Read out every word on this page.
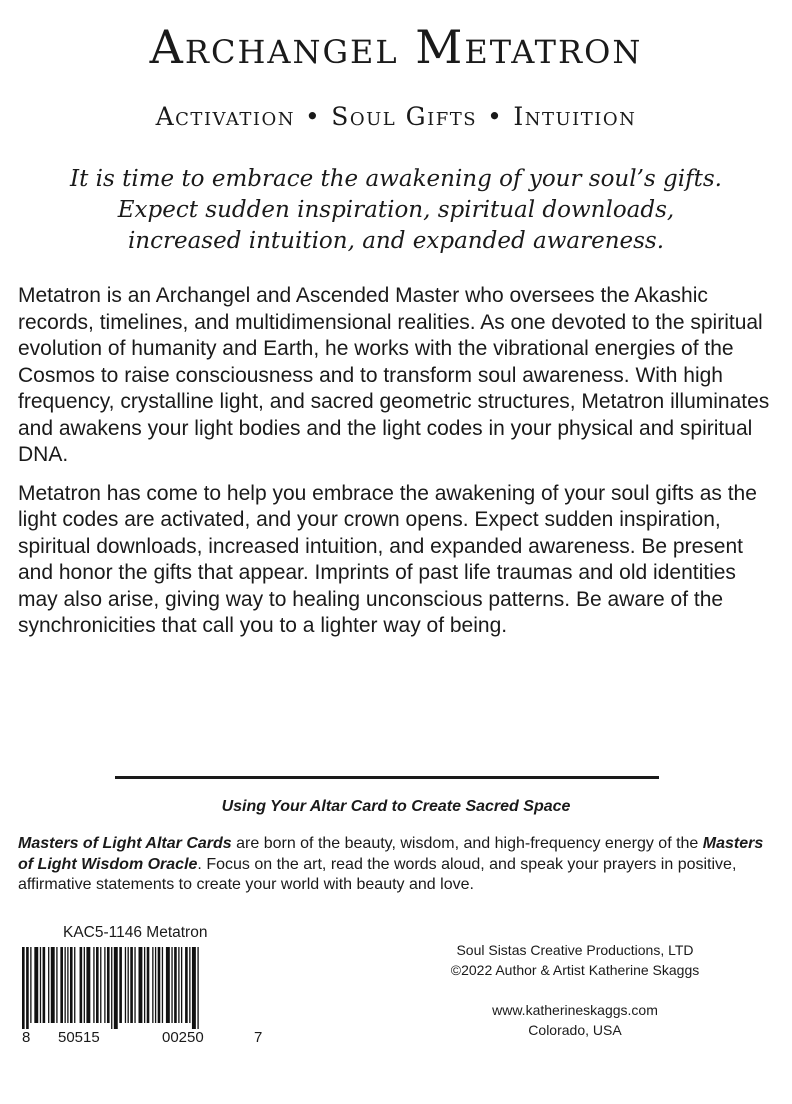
Archangel Metatron
Activation • Soul Gifts • Intuition
It is time to embrace the awakening of your soul’s gifts.
Expect sudden inspiration, spiritual downloads,
increased intuition, and expanded awareness.

Metatron is an Archangel and Ascended Master who oversees the Akashic records, timelines, and multidimensional realities. As one devoted to the spiritual evolution of humanity and Earth, he works with the vibrational energies of the Cosmos to raise consciousness and to transform soul awareness. With high frequency, crystalline light, and sacred geometric structures, Metatron illuminates and awakens your light bodies and the light codes in your physical and spiritual DNA.

Metatron has come to help you embrace the awakening of your soul gifts as the light codes are activated, and your crown opens. Expect sudden inspiration, spiritual downloads, increased intuition, and expanded awareness. Be present and honor the gifts that appear. Imprints of past life traumas and old identities may also arise, giving way to healing unconscious patterns. Be aware of the synchronicities that call you to a lighter way of being.

Using Your Altar Card to Create Sacred Space
Masters of Light Altar Cards are born of the beauty, wisdom, and high-frequency energy of the Masters of Light Wisdom Oracle. Focus on the art, read the words aloud, and speak your prayers in positive, affirmative statements to create your world with beauty and love.
KAC5-1146 Metatron
8 50515	00250	7
Soul Sistas Creative Productions, LTD
©2022 Author & Artist Katherine Skaggs
www.katherineskaggs.com
Colorado, USA
